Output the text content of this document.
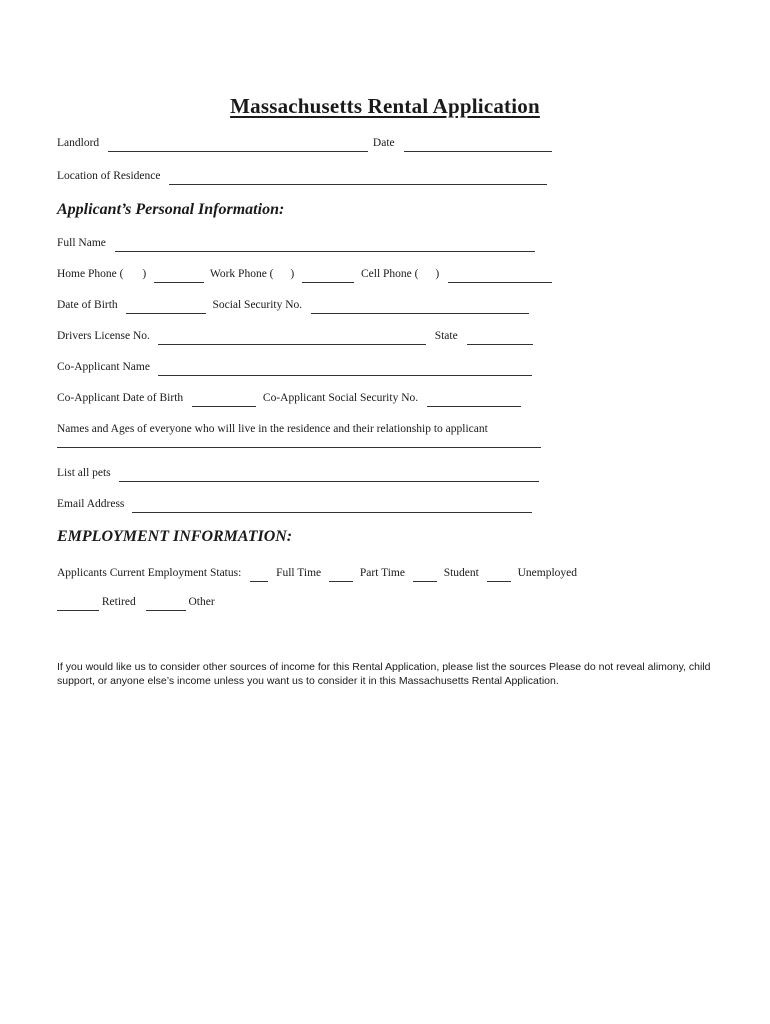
Massachusetts Rental Application
Landlord	Date
Location of Residence
Applicant’s Personal Information:
Full Name
Home Phone ( )	Work Phone ( )	Cell Phone ( )
Date of Birth	Social Security No.
Drivers License No.	State
Co-Applicant Name
Co-Applicant Date of Birth	Co-Applicant Social Security No.
Names and Ages of everyone who will live in the residence and their relationship to applicant
List all pets
Email Address
EMPLOYMENT INFORMATION:
Applicants Current Employment Status:	Full Time	Part Time	Student	Unemployed
Retired	Other
If you would like us to consider other sources of income for this Rental Application, please list the sources Please do not reveal alimony, child support, or anyone else’s income unless you want us to consider it in this Massachusetts Rental Application.
